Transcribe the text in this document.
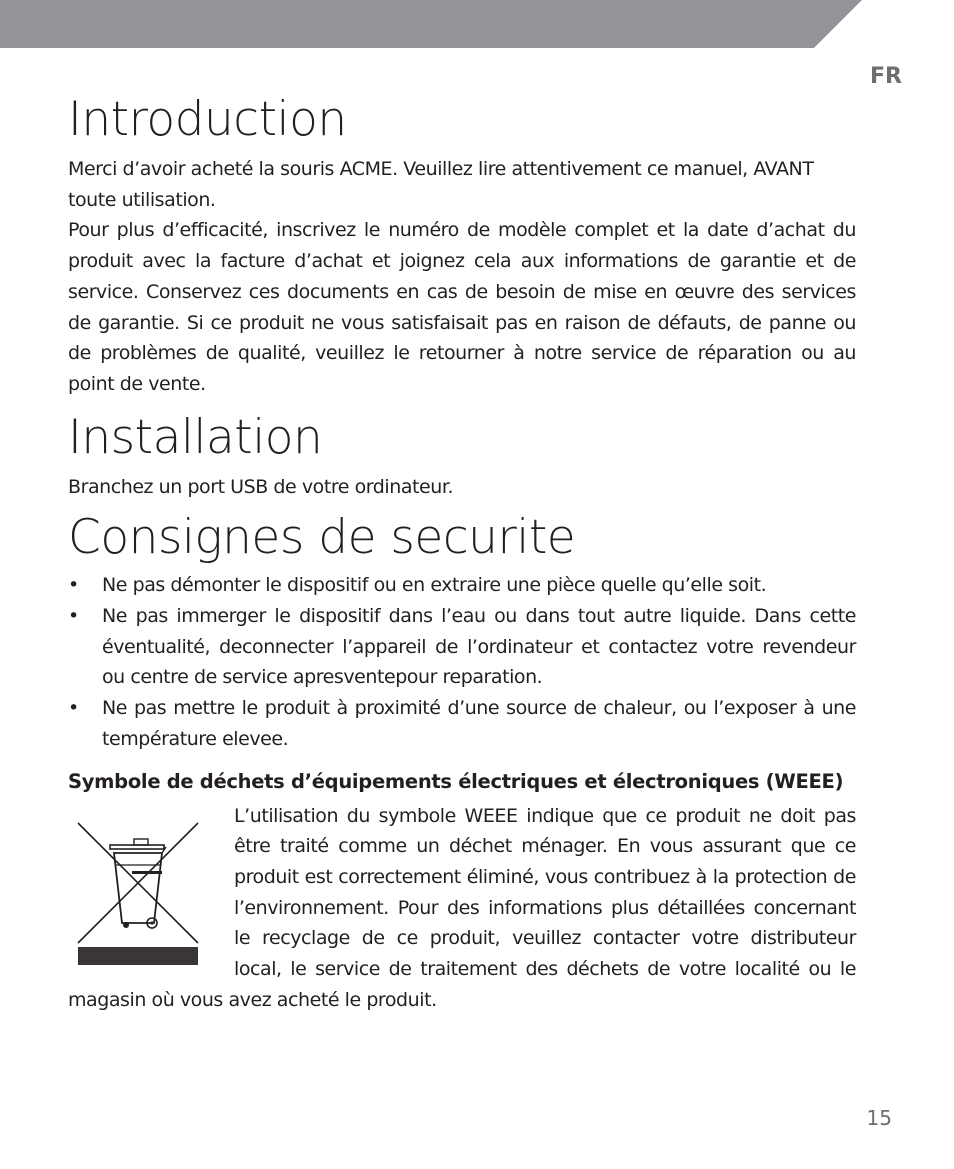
FR
Introduction

Merci d’avoir acheté la souris ACME. Veuillez lire attentivement ce manuel, AVANT toute utilisation.

Pour plus d’efficacité, inscrivez le numéro de modèle complet et la date d’achat du produit avec la facture d’achat et joignez cela aux informations de garantie et de service. Conservez ces documents en cas de besoin de mise en œuvre des services de garantie. Si ce produit ne vous satisfaisait pas en raison de défauts, de panne ou de problèmes de qualité, veuillez le retourner à notre service de réparation ou au point de vente.

Installation

Branchez un port USB de votre ordinateur.

Consignes de securite
• Ne pas démonter le dispositif ou en extraire une pièce quelle qu’elle soit.
• Ne pas immerger le dispositif dans l’eau ou dans tout autre liquide. Dans cette éventualité, deconnecter l’appareil de l’ordinateur et contactez votre revendeur ou centre de service apresventepour reparation.
• Ne pas mettre le produit à proximité d’une source de chaleur, ou l’exposer à une température elevee.
Symbole de déchets d’équipements électriques et électroniques (WEEE)

L’utilisation du symbole WEEE indique que ce produit ne doit pas être traité comme un déchet ménager. En vous assurant que ce produit est correctement éliminé, vous contribuez à la protection de l’environnement. Pour des informations plus détaillées concernant le recyclage de ce produit, veuillez contacter votre distributeur local, le service de traitement des déchets de votre localité ou le magasin où vous avez acheté le produit.

15
